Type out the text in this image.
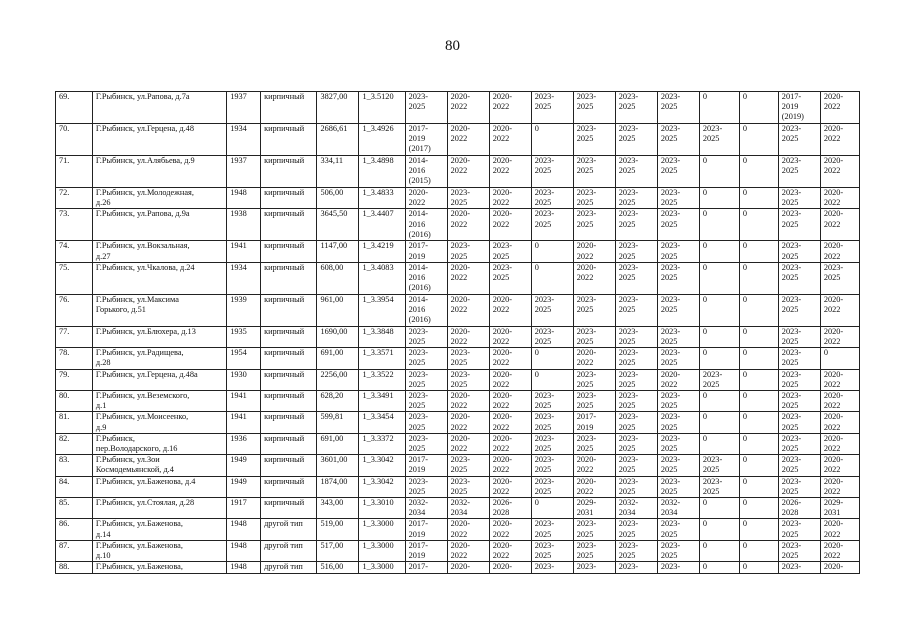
80
69.	Г.Рыбинск, ул.Рапова, д.7а	1937	кирпичный	3827,00	1_3.5120	2023-
2025	2020-
2022	2020-
2022	2023-
2025	2023-
2025	2023-
2025	2023-
2025	0	0	2017-
2019
(2019)	2020-
2022
70.	Г.Рыбинск, ул.Герцена, д.48	1934	кирпичный	2686,61	1_3.4926	2017-
2019
(2017)	2020-
2022	2020-
2022	0	2023-
2025	2023-
2025	2023-
2025	2023-
2025	0	2023-
2025	2020-
2022
71.	Г.Рыбинск, ул.Алябьева, д.9	1937	кирпичный	334,11	1_3.4898	2014-
2016
(2015)	2020-
2022	2020-
2022	2023-
2025	2023-
2025	2023-
2025	2023-
2025	0	0	2023-
2025	2020-
2022
72.	Г.Рыбинск, ул.Молодежная,
д.26	1948	кирпичный	506,00	1_3.4833	2020-
2022	2023-
2025	2020-
2022	2023-
2025	2023-
2025	2023-
2025	2023-
2025	0	0	2023-
2025	2020-
2022
73.	Г.Рыбинск, ул.Рапова, д.9а	1938	кирпичный	3645,50	1_3.4407	2014-
2016
(2016)	2020-
2022	2020-
2022	2023-
2025	2023-
2025	2023-
2025	2023-
2025	0	0	2023-
2025	2020-
2022
74.	Г.Рыбинск, ул.Вокзальная,
д.27	1941	кирпичный	1147,00	1_3.4219	2017-
2019	2023-
2025	2023-
2025	0	2020-
2022	2023-
2025	2023-
2025	0	0	2023-
2025	2020-
2022
75.	Г.Рыбинск, ул.Чкалова, д.24	1934	кирпичный	608,00	1_3.4083	2014-
2016
(2016)	2020-
2022	2023-
2025	0	2020-
2022	2023-
2025	2023-
2025	0	0	2023-
2025	2023-
2025
76.	Г.Рыбинск, ул.Максима
Горького, д.51	1939	кирпичный	961,00	1_3.3954	2014-
2016
(2016)	2020-
2022	2020-
2022	2023-
2025	2023-
2025	2023-
2025	2023-
2025	0	0	2023-
2025	2020-
2022
77.	Г.Рыбинск, ул.Блюхера, д.13	1935	кирпичный	1690,00	1_3.3848	2023-
2025	2020-
2022	2020-
2022	2023-
2025	2023-
2025	2023-
2025	2023-
2025	0	0	2023-
2025	2020-
2022
78.	Г.Рыбинск, ул.Радищева,
д.28	1954	кирпичный	691,00	1_3.3571	2023-
2025	2023-
2025	2020-
2022	0	2020-
2022	2023-
2025	2023-
2025	0	0	2023-
2025	0
79.	Г.Рыбинск, ул.Герцена, д.48а	1930	кирпичный	2256,00	1_3.3522	2023-
2025	2023-
2025	2020-
2022	0	2023-
2025	2023-
2025	2020-
2022	2023-
2025	0	2023-
2025	2020-
2022
80.	Г.Рыбинск, ул.Веземского,
д.1	1941	кирпичный	628,20	1_3.3491	2023-
2025	2020-
2022	2020-
2022	2023-
2025	2023-
2025	2023-
2025	2023-
2025	0	0	2023-
2025	2020-
2022
81.	Г.Рыбинск, ул.Моисеенко,
д.9	1941	кирпичный	599,81	1_3.3454	2023-
2025	2020-
2022	2020-
2022	2023-
2025	2017-
2019	2023-
2025	2023-
2025	0	0	2023-
2025	2020-
2022
82.	Г.Рыбинск,
пер.Володарского, д.16	1936	кирпичный	691,00	1_3.3372	2023-
2025	2020-
2022	2020-
2022	2023-
2025	2023-
2025	2023-
2025	2023-
2025	0	0	2023-
2025	2020-
2022
83.	Г.Рыбинск, ул.Зои
Космодемьянской, д.4	1949	кирпичный	3601,00	1_3.3042	2017-
2019	2023-
2025	2020-
2022	2023-
2025	2020-
2022	2023-
2025	2023-
2025	2023-
2025	0	2023-
2025	2020-
2022
84.	Г.Рыбинск, ул.Баженова, д.4	1949	кирпичный	1874,00	1_3.3042	2023-
2025	2023-
2025	2020-
2022	2023-
2025	2020-
2022	2023-
2025	2023-
2025	2023-
2025	0	2023-
2025	2020-
2022
85.	Г.Рыбинск, ул.Стоялая, д.28	1917	кирпичный	343,00	1_3.3010	2032-
2034	2032-
2034	2026-
2028	0	2029-
2031	2032-
2034	2032-
2034	0	0	2026-
2028	2029-
2031
86.	Г.Рыбинск, ул.Баженова,
д.14	1948	другой тип	519,00	1_3.3000	2017-
2019	2020-
2022	2020-
2022	2023-
2025	2023-
2025	2023-
2025	2023-
2025	0	0	2023-
2025	2020-
2022
87.	Г.Рыбинск, ул.Баженова,
д.10	1948	другой тип	517,00	1_3.3000	2017-
2019	2020-
2022	2020-
2022	2023-
2025	2023-
2025	2023-
2025	2023-
2025	0	0	2023-
2025	2020-
2022
88.	Г.Рыбинск, ул.Баженова,	1948	другой тип	516,00	1_3.3000	2017-	2020-	2020-	2023-	2023-	2023-	2023-	0	0	2023-	2020-
